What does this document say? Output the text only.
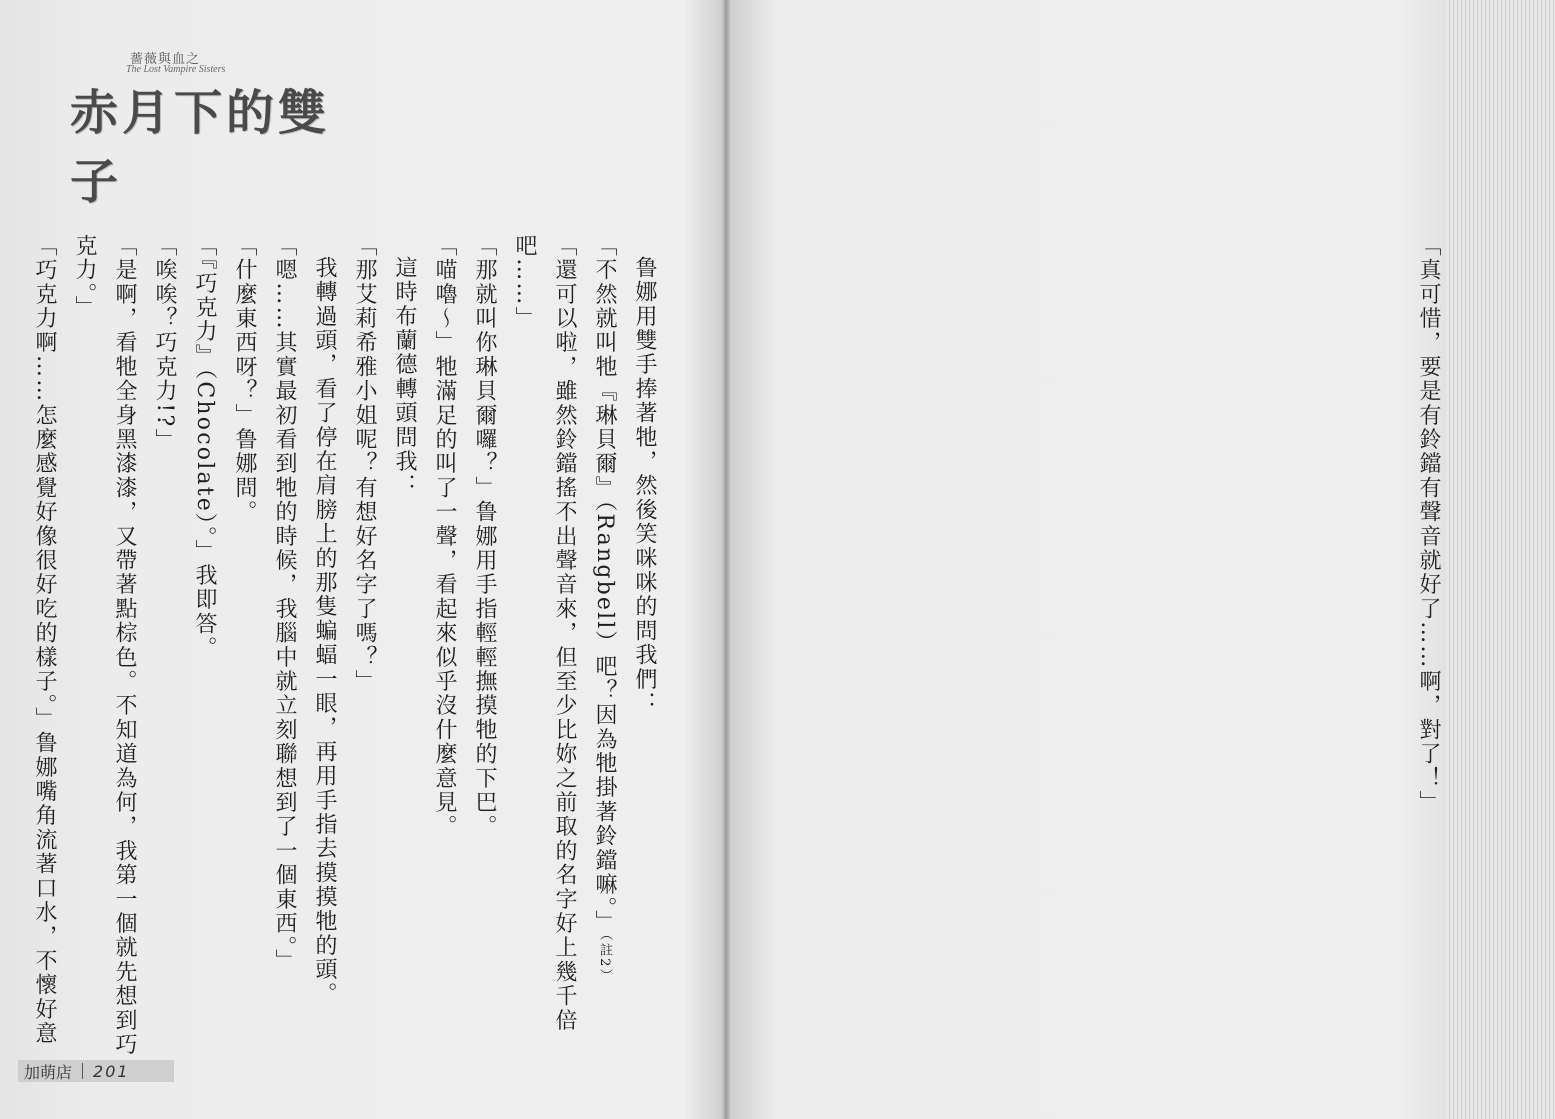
薔薇與血之
The Lost Vampire Sisters
赤月下的雙子
鲁娜用雙手捧著牠，然後笑咪咪的問我們：
「不然就叫牠『琳貝爾』（Rangbell）吧？因為牠掛著鈴鐺嘛。」（註2）
「還可以啦，雖然鈴鐺搖不出聲音來，但至少比妳之前取的名字好上幾千倍
吧……」
「那就叫你琳貝爾囉？」鲁娜用手指輕輕撫摸牠的下巴。
「喵嚕～」牠滿足的叫了一聲，看起來似乎沒什麼意見。
這時布蘭德轉頭問我：
「那艾莉希雅小姐呢？有想好名字了嗎？」
我轉過頭，看了停在肩膀上的那隻蝙蝠一眼，再用手指去摸摸牠的頭。
「嗯……其實最初看到牠的時候，我腦中就立刻聯想到了一個東西。」
「什麼東西呀？」鲁娜問。
「『巧克力』（Chocolate）。」我即答。
「唉唉？巧克力!?」
「是啊，看牠全身黑漆漆，又帶著點棕色。不知道為何，我第一個就先想到巧
克力。」
「巧克力啊……怎麼感覺好像很好吃的樣子。」鲁娜嘴角流著口水，不懷好意
加萌店 201
「真可惜，要是有鈴鐺有聲音就好了……啊，對了！」
